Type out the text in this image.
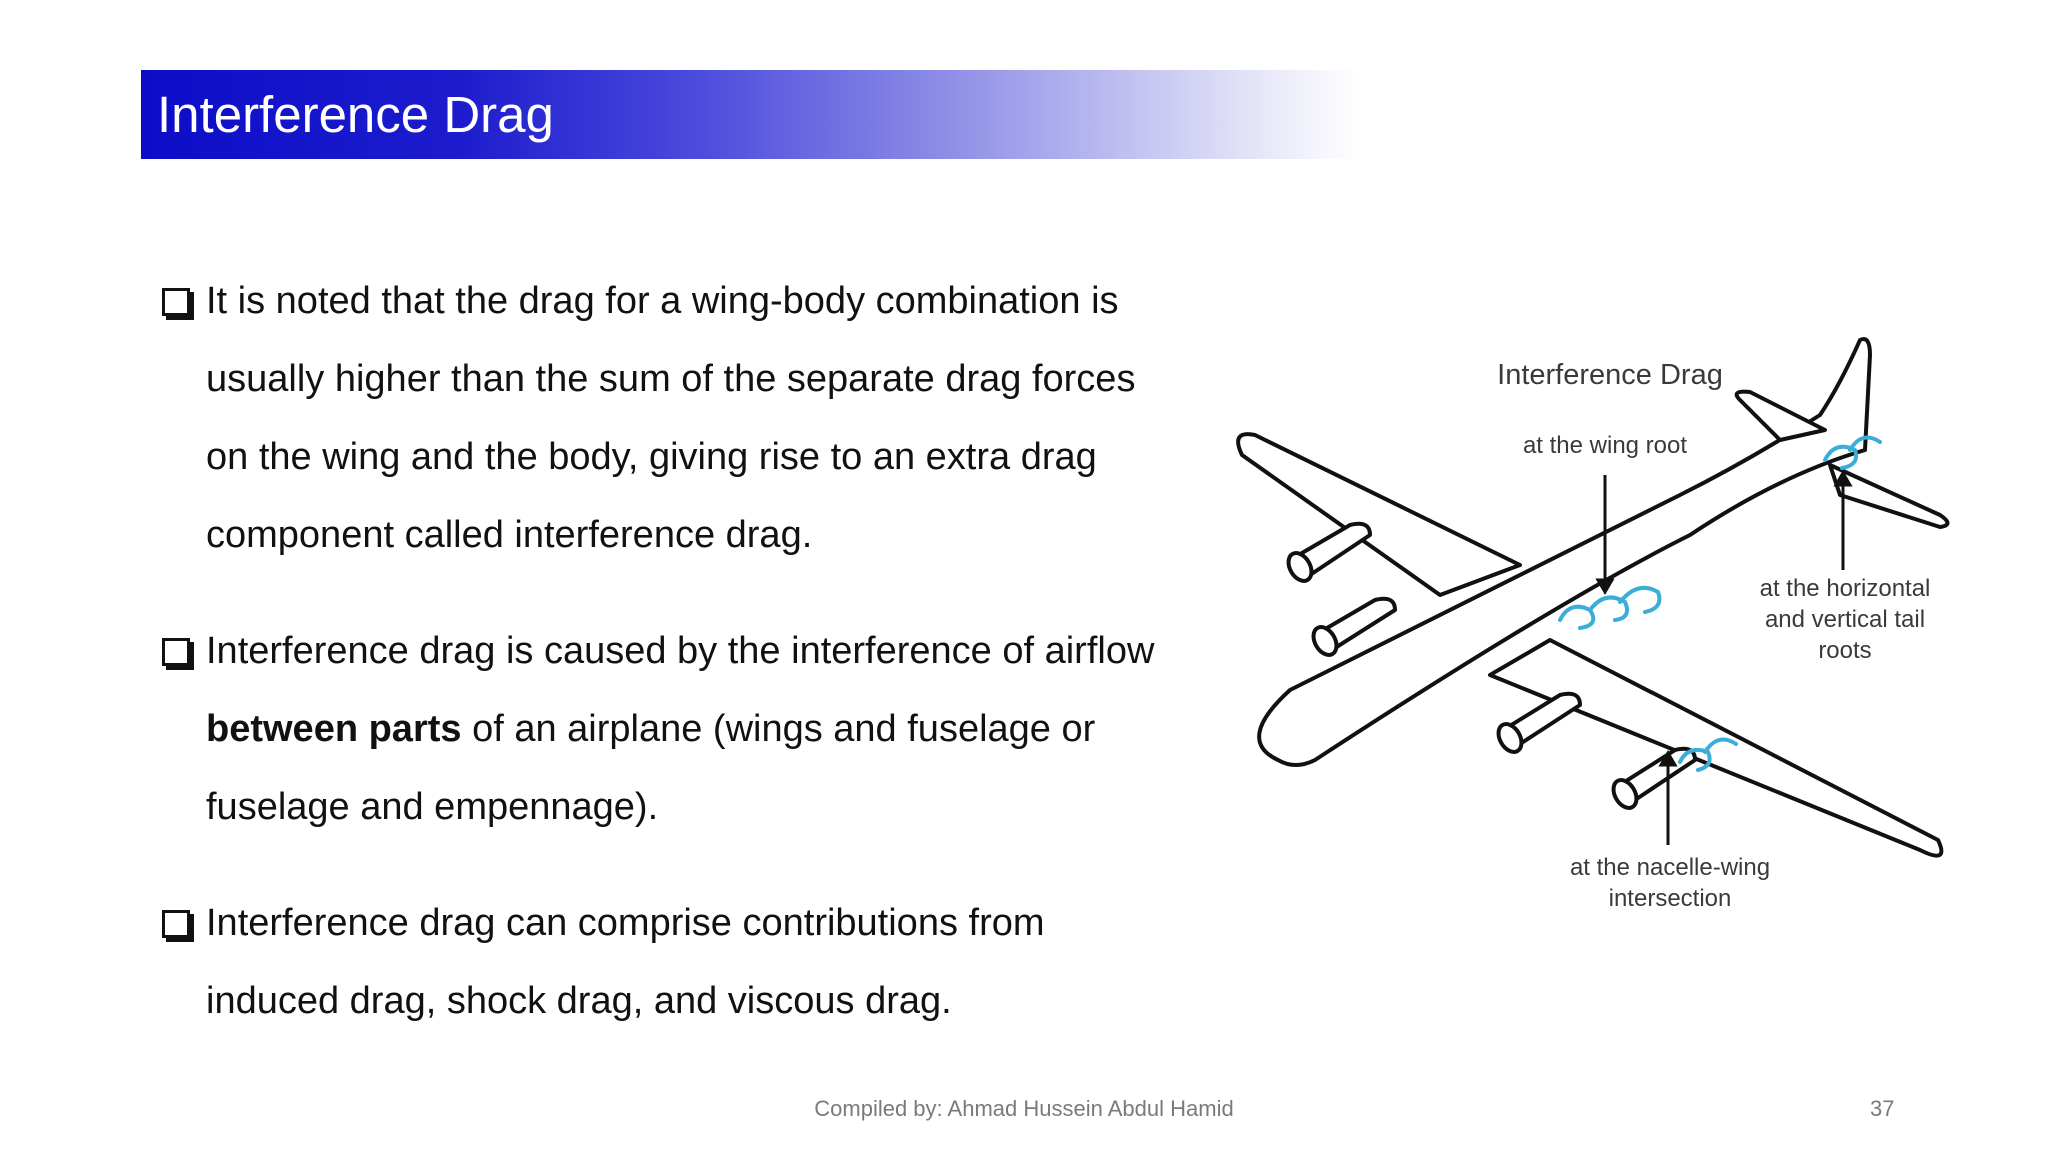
Interference Drag
It is noted that the drag for a wing-body combination is usually higher than the sum of the separate drag forces on the wing and the body, giving rise to an extra drag component called interference drag.
Interference drag is caused by the interference of airflow between parts of an airplane (wings and fuselage or fuselage and empennage).
Interference drag can comprise contributions from induced drag, shock drag, and viscous drag.
Interference Drag
at the wing root
at the horizontal and vertical tail roots
at the nacelle-wing intersection
Compiled by: Ahmad Hussein Abdul Hamid	37
